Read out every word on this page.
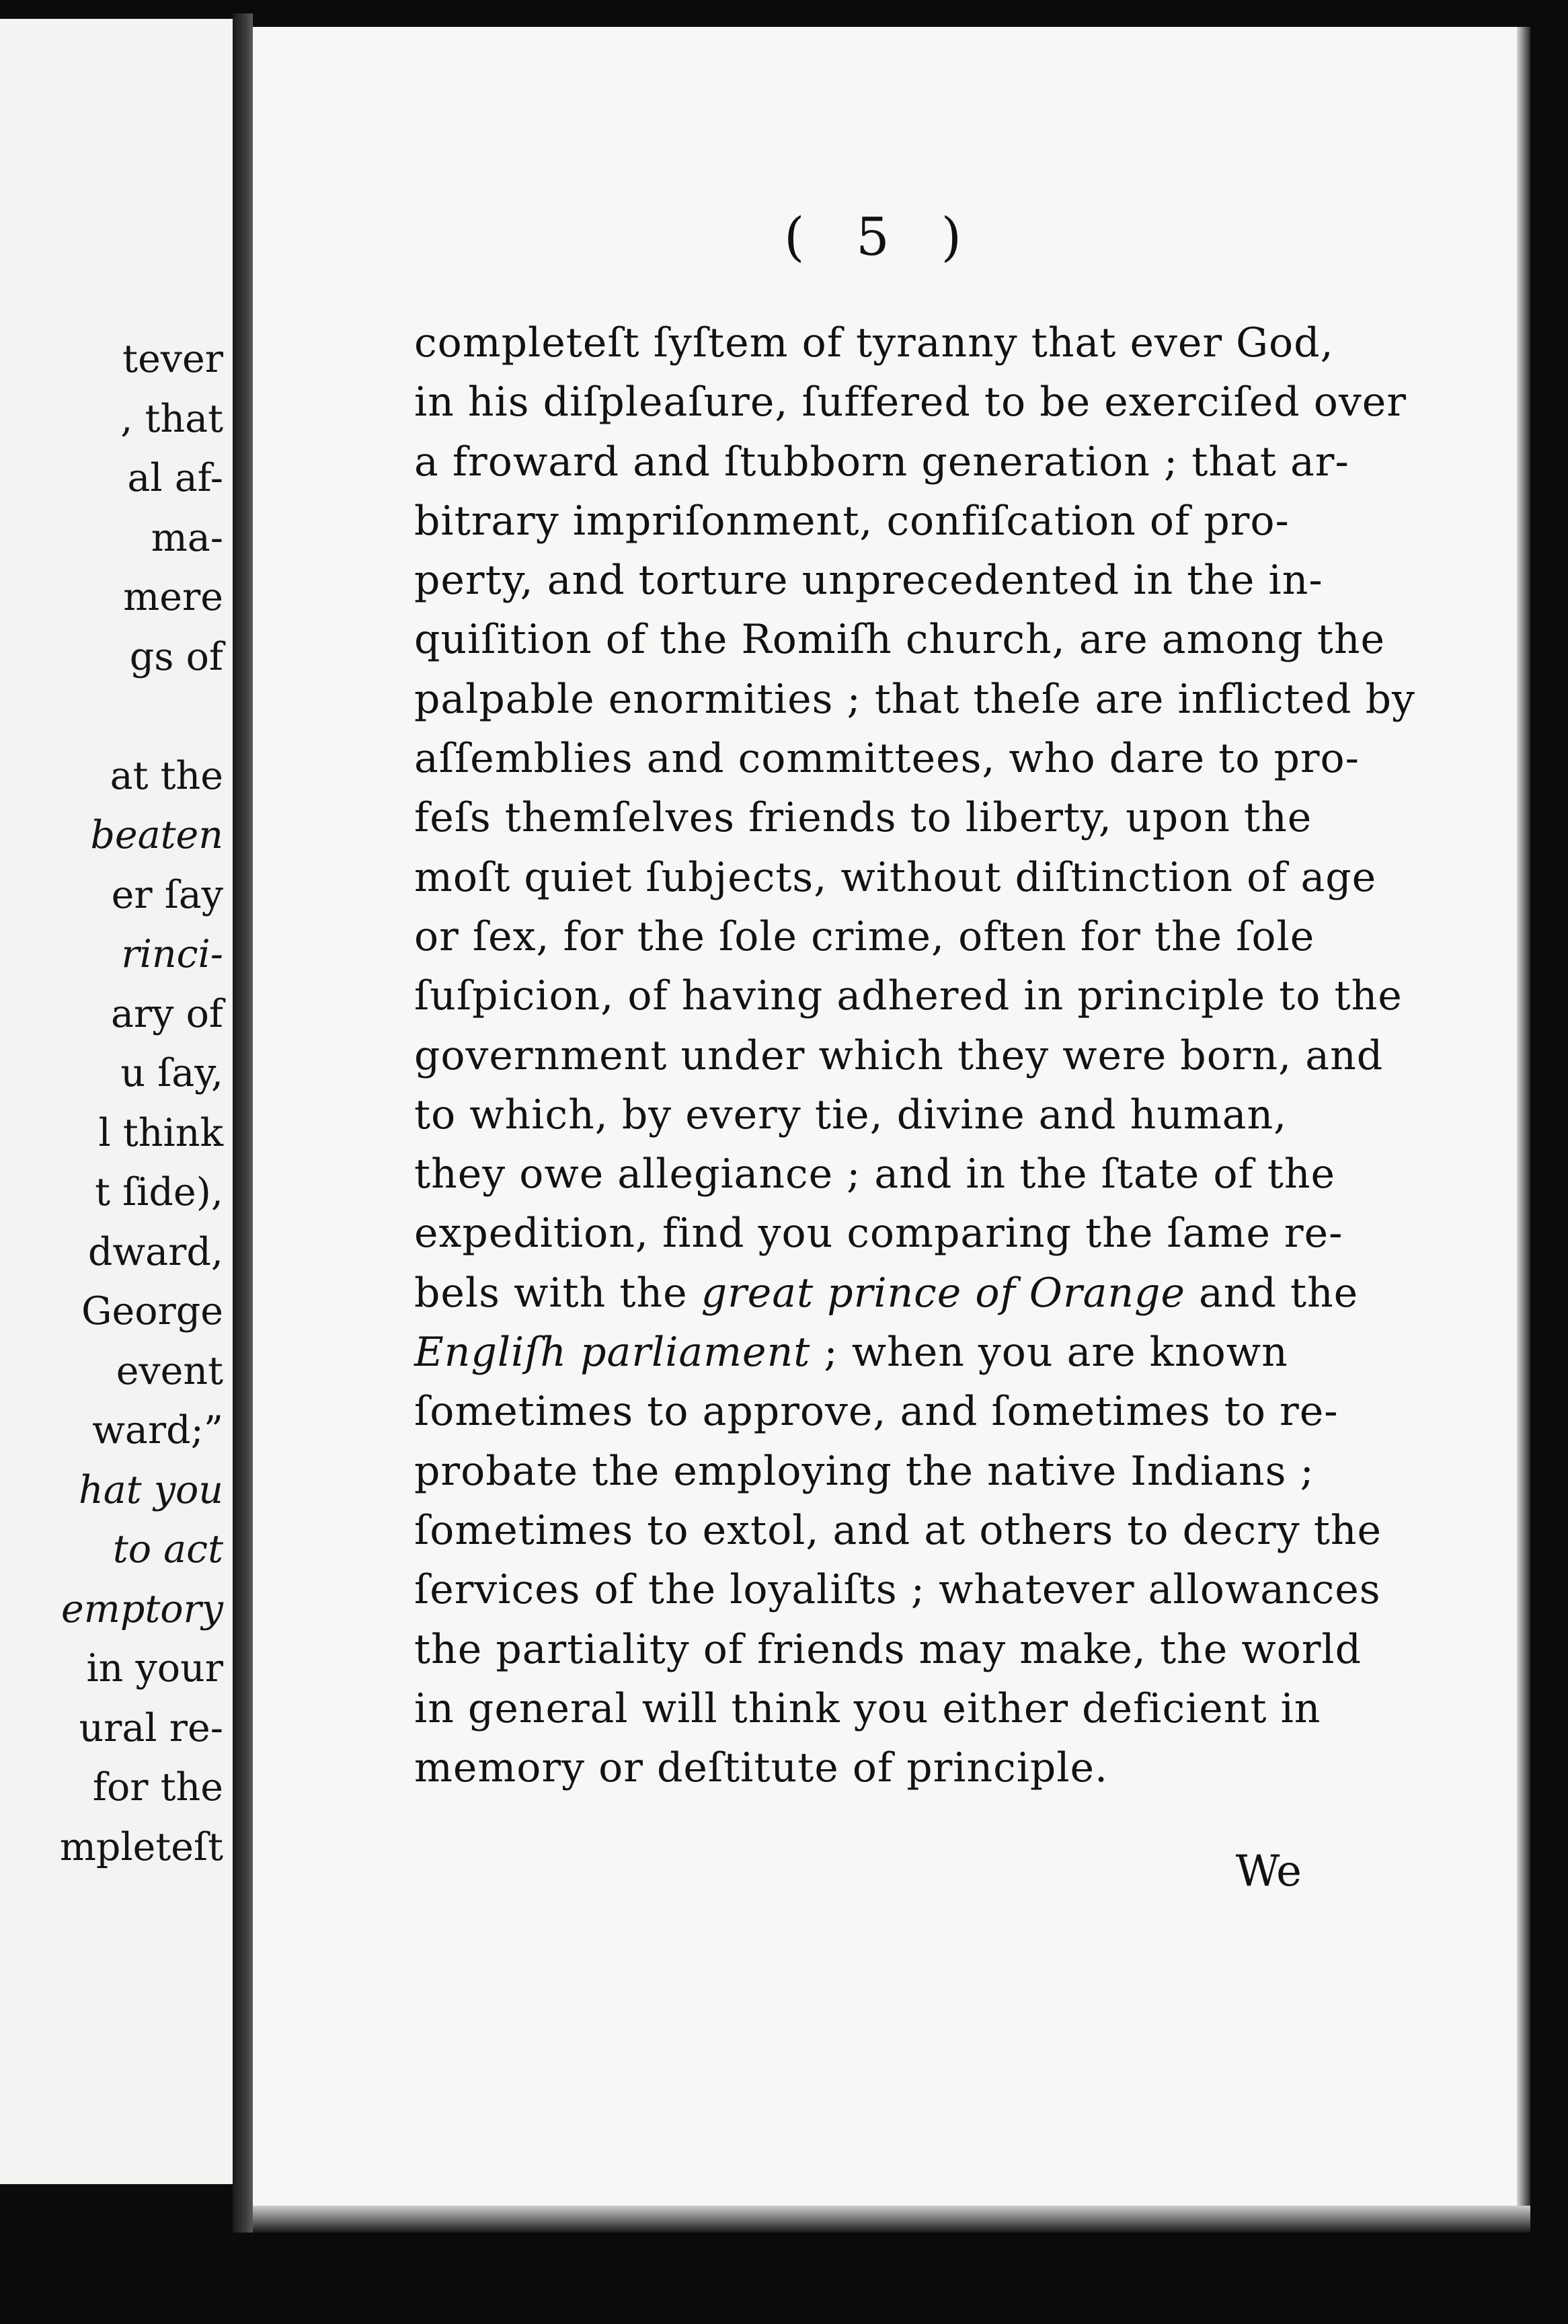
tever
, that
al af-
ma-
mere
gs of
at the
beaten
er ſay
rinci-
ary of
u ſay,
l think
t ſide),
dward,
George
event
ward;”
hat you
to act
emptory
in your
ural re-
for the
mpleteſt
( 5 )
completeſt ſyſtem of tyranny that ever God,
in his diſpleaſure, ſuffered to be exerciſed over
a froward and ſtubborn generation ; that ar-
bitrary impriſonment, confiſcation of pro-
perty, and torture unprecedented in the in-
quiſition of the Romiſh church, are among the
palpable enormities ; that theſe are inflicted by
aſſemblies and committees, who dare to pro-
feſs themſelves friends to liberty, upon the
moſt quiet ſubjects, without diſtinction of age
or ſex, for the ſole crime, often for the ſole
ſuſpicion, of having adhered in principle to the
government under which they were born, and
to which, by every tie, divine and human,
they owe allegiance ; and in the ſtate of the
expedition, find you comparing the ſame re-
bels with the great prince of Orange and the
Engliſh parliament ; when you are known
ſometimes to approve, and ſometimes to re-
probate the employing the native Indians ;
ſometimes to extol, and at others to decry the
ſervices of the loyaliſts ; whatever allowances
the partiality of friends may make, the world
in general will think you either deficient in
memory or deſtitute of principle.
We
